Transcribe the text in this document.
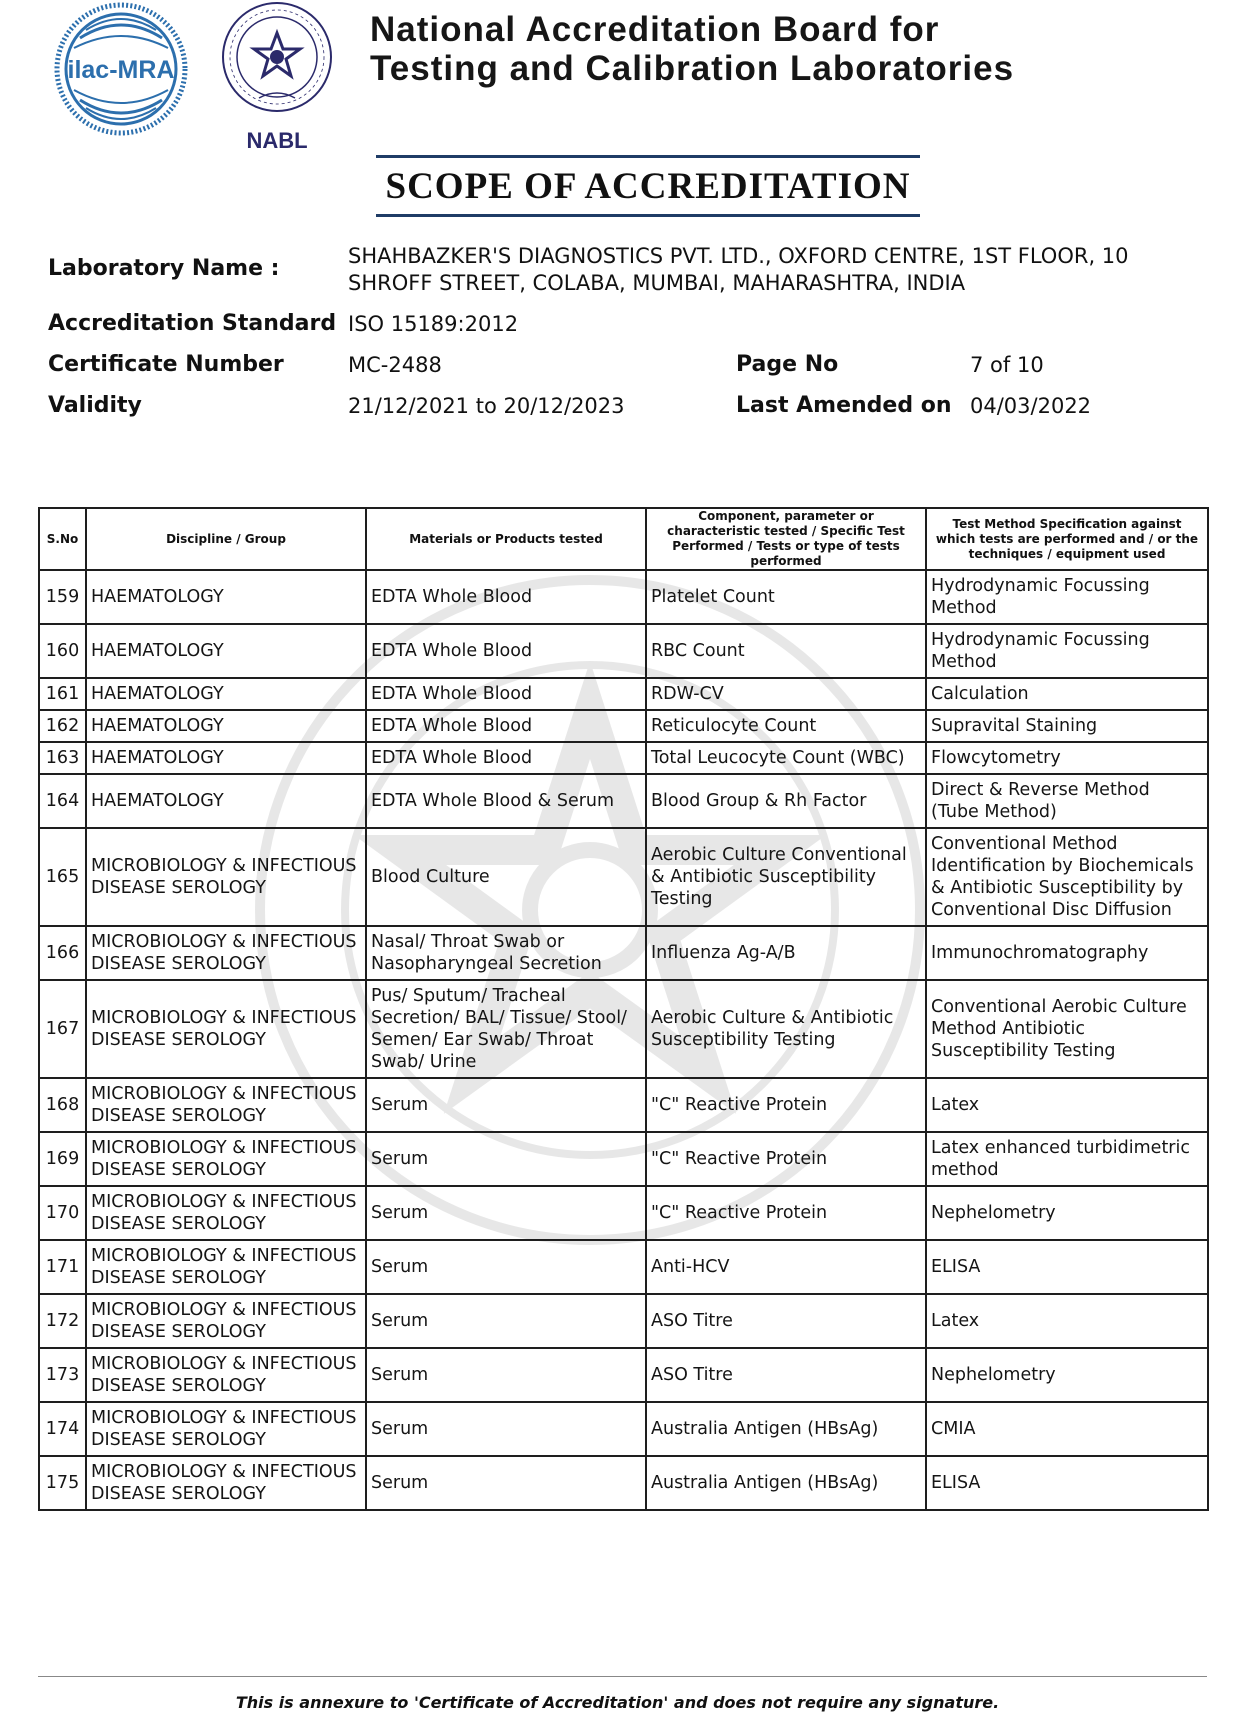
ilac-MRA
NABL
National Accreditation Board for
Testing and Calibration Laboratories
SCOPE OF ACCREDITATION
Laboratory Name :	SHAHBAZKER'S DIAGNOSTICS PVT. LTD., OXFORD CENTRE, 1ST FLOOR, 10
SHROFF STREET, COLABA, MUMBAI, MAHARASHTRA, INDIA
Accreditation Standard ISO 15189:2012
Certificate Number	MC-2488	Page No	7 of 10
Validity	21/12/2021 to 20/12/2023	Last Amended on 04/03/2022
S.No	Discipline / Group	Materials or Products tested	Component, parameter or characteristic tested / Specific Test Performed / Tests or type of tests performed	Test Method Specification against which tests are performed and / or the techniques / equipment used
159	HAEMATOLOGY	EDTA Whole Blood	Platelet Count	Hydrodynamic Focussing Method
160	HAEMATOLOGY	EDTA Whole Blood	RBC Count	Hydrodynamic Focussing Method
161	HAEMATOLOGY	EDTA Whole Blood	RDW-CV	Calculation
162	HAEMATOLOGY	EDTA Whole Blood	Reticulocyte Count	Supravital Staining
163	HAEMATOLOGY	EDTA Whole Blood	Total Leucocyte Count (WBC)	Flowcytometry
164	HAEMATOLOGY	EDTA Whole Blood & Serum	Blood Group & Rh Factor	Direct & Reverse Method (Tube Method)
165	MICROBIOLOGY & INFECTIOUS DISEASE SEROLOGY	Blood Culture	Aerobic Culture Conventional & Antibiotic Susceptibility Testing	Conventional Method Identification by Biochemicals & Antibiotic Susceptibility by Conventional Disc Diffusion
166	MICROBIOLOGY & INFECTIOUS DISEASE SEROLOGY	Nasal/ Throat Swab or Nasopharyngeal Secretion	Influenza Ag-A/B	Immunochromatography
167	MICROBIOLOGY & INFECTIOUS DISEASE SEROLOGY	Pus/ Sputum/ Tracheal Secretion/ BAL/ Tissue/ Stool/ Semen/ Ear Swab/ Throat Swab/ Urine	Aerobic Culture & Antibiotic Susceptibility Testing	Conventional Aerobic Culture Method Antibiotic Susceptibility Testing
168	MICROBIOLOGY & INFECTIOUS DISEASE SEROLOGY	Serum	"C" Reactive Protein	Latex
169	MICROBIOLOGY & INFECTIOUS DISEASE SEROLOGY	Serum	"C" Reactive Protein	Latex enhanced turbidimetric method
170	MICROBIOLOGY & INFECTIOUS DISEASE SEROLOGY	Serum	"C" Reactive Protein	Nephelometry
171	MICROBIOLOGY & INFECTIOUS DISEASE SEROLOGY	Serum	Anti-HCV	ELISA
172	MICROBIOLOGY & INFECTIOUS DISEASE SEROLOGY	Serum	ASO Titre	Latex
173	MICROBIOLOGY & INFECTIOUS DISEASE SEROLOGY	Serum	ASO Titre	Nephelometry
174	MICROBIOLOGY & INFECTIOUS DISEASE SEROLOGY	Serum	Australia Antigen (HBsAg)	CMIA
175	MICROBIOLOGY & INFECTIOUS DISEASE SEROLOGY	Serum	Australia Antigen (HBsAg)	ELISA
This is annexure to 'Certificate of Accreditation' and does not require any signature.
